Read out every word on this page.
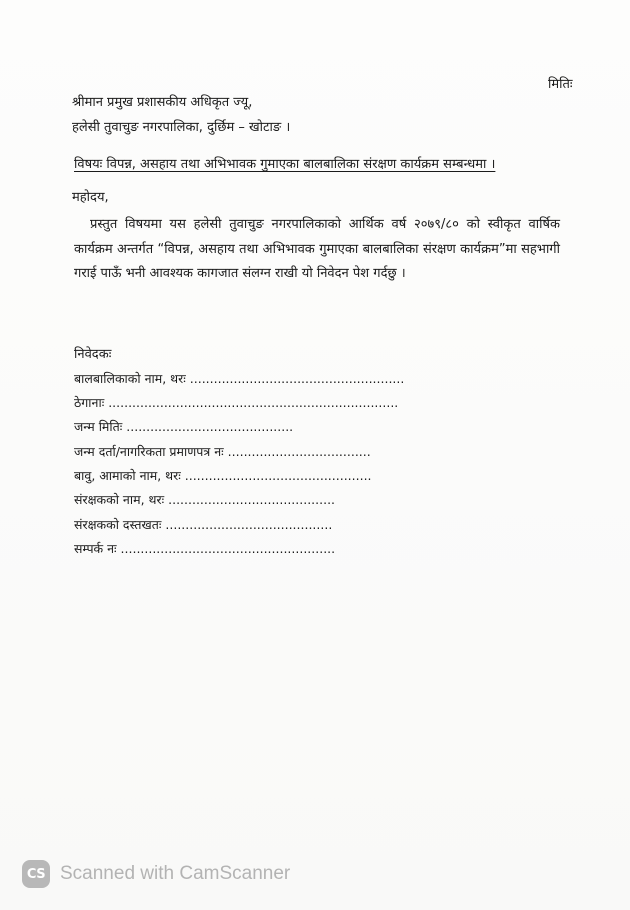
मितिः
श्रीमान प्रमुख प्रशासकीय अधिकृत ज्यू,
हलेसी तुवाचुङ नगरपालिका, दुर्छिम – खोटाङ ।
विषयः विपन्न, असहाय तथा अभिभावक गुमाएका बालबालिका संरक्षण कार्यक्रम सम्बन्धमा ।
महोदय,
प्रस्तुत विषयमा यस हलेसी तुवाचुङ नगरपालिकाको आर्थिक वर्ष २०७९/८० को स्वीकृत वार्षिक कार्यक्रम अन्तर्गत “विपन्न, असहाय तथा अभिभावक गुमाएका बालबालिका संरक्षण कार्यक्रम”मा सहभागी गराई पाऊँ भनी आवश्यक कागजात संलग्न राखी यो निवेदन पेश गर्दछु ।
निवेदकः
बालबालिकाको नाम, थरः ......................................................
ठेगानाः .........................................................................
जन्म मितिः ..........................................
जन्म दर्ता/नागरिकता प्रमाणपत्र नः ....................................
बावु, आमाको नाम, थरः ...............................................
संरक्षकको नाम, थरः ..........................................
संरक्षकको दस्तखतः ..........................................
सम्पर्क नः ......................................................
CS Scanned with CamScanner
